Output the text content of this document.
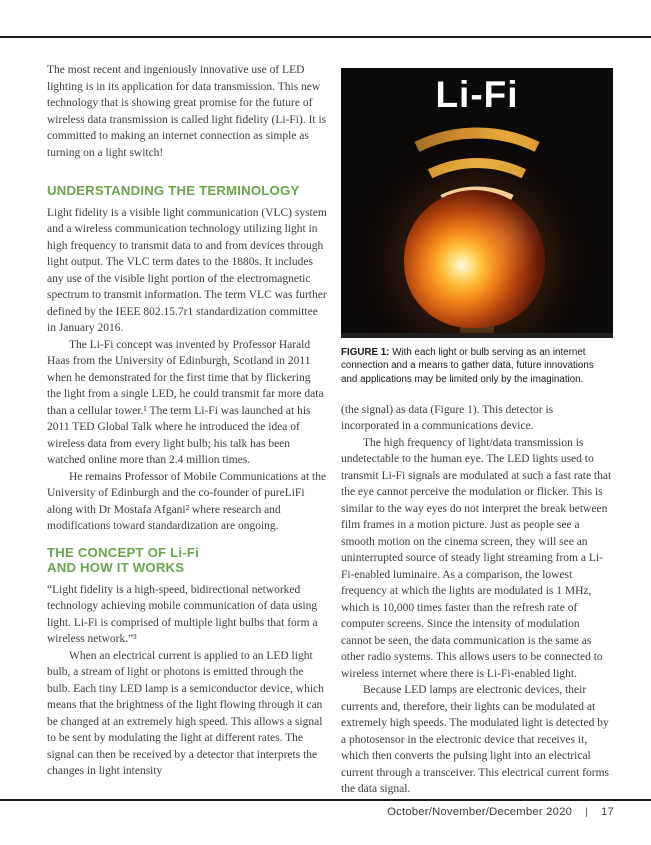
The most recent and ingeniously innovative use of LED lighting is in its application for data transmission. This new technology that is showing great promise for the future of wireless data transmission is called light fidelity (Li-Fi). It is committed to making an internet connection as simple as turning on a light switch!

UNDERSTANDING THE TERMINOLOGY

Light fidelity is a visible light communication (VLC) system and a wireless communication technology utilizing light in high frequency to transmit data to and from devices through light output. The VLC term dates to the 1880s. It includes any use of the visible light portion of the electromagnetic spectrum to transmit information. The term VLC was further defined by the IEEE 802.15.7r1 standardization committee in January 2016.

The Li-Fi concept was invented by Professor Harald Haas from the University of Edinburgh, Scotland in 2011 when he demonstrated for the first time that by flickering the light from a single LED, he could transmit far more data than a cellular tower.¹ The term Li-Fi was launched at his 2011 TED Global Talk where he introduced the idea of wireless data from every light bulb; his talk has been watched online more than 2.4 million times.

He remains Professor of Mobile Communications at the University of Edinburgh and the co-founder of pureLiFi along with Dr Mostafa Afgani² where research and modifications toward standardization are ongoing.

THE CONCEPT OF Li-Fi
AND HOW IT WORKS

“Light fidelity is a high-speed, bidirectional networked technology achieving mobile communication of data using light. Li-Fi is comprised of multiple light bulbs that form a wireless network.”³

When an electrical current is applied to an LED light bulb, a stream of light or photons is emitted through the bulb. Each tiny LED lamp is a semiconductor device, which means that the brightness of the light flowing through it can be changed at an extremely high speed. This allows a signal to be sent by modulating the light at different rates. The signal can then be received by a detector that interprets the changes in light intensity

Li-Fi

FIGURE 1: With each light or bulb serving as an internet connection and a means to gather data, future innovations and applications may be limited only by the imagination.

(the signal) as data (Figure 1). This detector is incorporated in a communications device.

The high frequency of light/data transmission is undetectable to the human eye. The LED lights used to transmit Li-Fi signals are modulated at such a fast rate that the eye cannot perceive the modulation or flicker. This is similar to the way eyes do not interpret the break between film frames in a motion picture. Just as people see a smooth motion on the cinema screen, they will see an uninterrupted source of steady light streaming from a Li-Fi-enabled luminaire. As a comparison, the lowest frequency at which the lights are modulated is 1 MHz, which is 10,000 times faster than the refresh rate of computer screens. Since the intensity of modulation cannot be seen, the data communication is the same as other radio systems. This allows users to be connected to wireless internet where there is Li-Fi-enabled light.

Because LED lamps are electronic devices, their currents and, therefore, their lights can be modulated at extremely high speeds. The modulated light is detected by a photosensor in the electronic device that receives it, which then converts the pulsing light into an electrical current through a transceiver. This electrical current forms the data signal.

October/November/December 2020 | 17
